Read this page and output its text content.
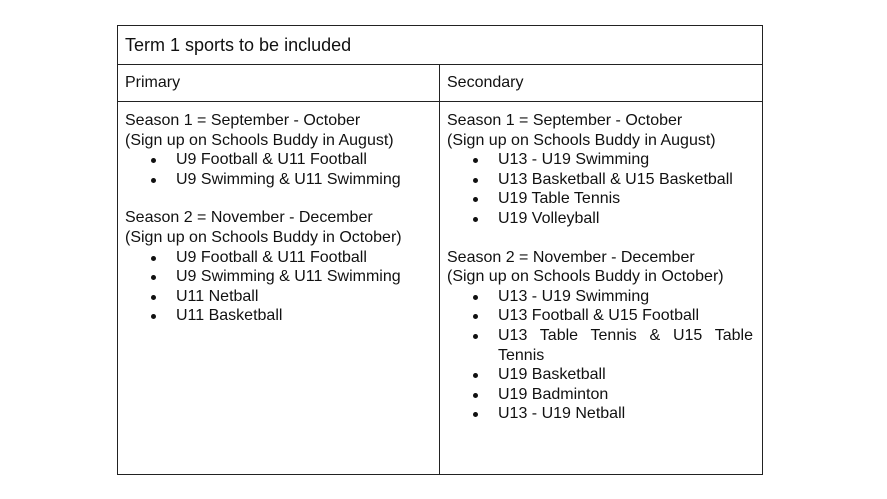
Term 1 sports to be included
Primary	Secondary

Season 1 = September - October

(Sign up on Schools Buddy in August)

U9 Football & U11 Football
U9 Swimming & U11 Swimming

Season 2 = November - December

(Sign up on Schools Buddy in October)

U9 Football & U11 Football
U9 Swimming & U11 Swimming
U11 Netball
U11 Basketball

Season 1 = September - October

(Sign up on Schools Buddy in August)

U13 - U19 Swimming
U13 Basketball & U15 Basketball
U19 Table Tennis
U19 Volleyball

Season 2 = November - December

(Sign up on Schools Buddy in October)

U13 - U19 Swimming
U13 Football & U15 Football
U13 Table Tennis & U15 Table Tennis
U19 Basketball
U19 Badminton
U13 - U19 Netball
